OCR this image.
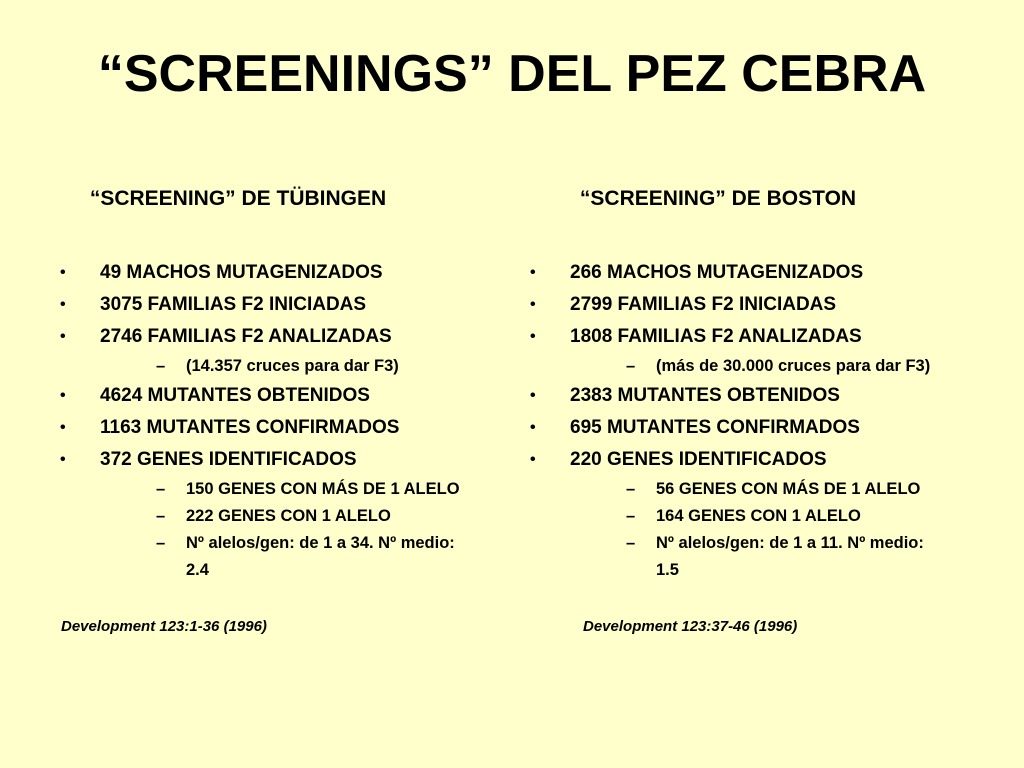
“SCREENINGS” DEL PEZ CEBRA
“SCREENING” DE TÜBINGEN
• 49 MACHOS MUTAGENIZADOS
• 3075 FAMILIAS F2 INICIADAS
• 2746 FAMILIAS F2 ANALIZADAS
– (14.357 cruces para dar F3)
• 4624 MUTANTES OBTENIDOS
• 1163 MUTANTES CONFIRMADOS
• 372 GENES IDENTIFICADOS
– 150 GENES CON MÁS DE 1 ALELO
– 222 GENES CON 1 ALELO
– Nº alelos/gen: de 1 a 34. Nº medio:
2.4
Development 123:1-36 (1996)
“SCREENING” DE BOSTON
• 266 MACHOS MUTAGENIZADOS
• 2799 FAMILIAS F2 INICIADAS
• 1808 FAMILIAS F2 ANALIZADAS
– (más de 30.000 cruces para dar F3)
• 2383 MUTANTES OBTENIDOS
• 695 MUTANTES CONFIRMADOS
• 220 GENES IDENTIFICADOS
– 56 GENES CON MÁS DE 1 ALELO
– 164 GENES CON 1 ALELO
– Nº alelos/gen: de 1 a 11. Nº medio:
1.5
Development 123:37-46 (1996)
